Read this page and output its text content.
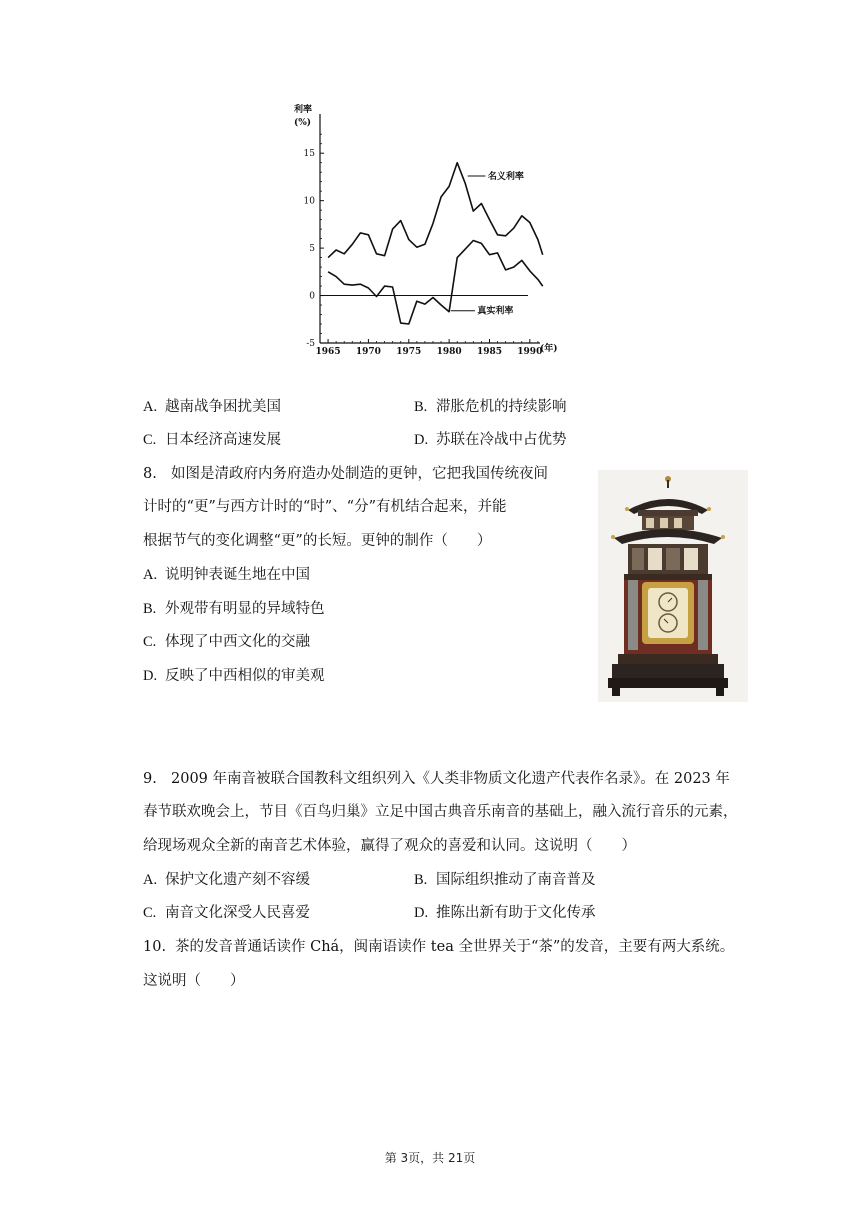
利率
(%)
-5
0
5
10
15
1965 1970 1975 1980 1985 1990
名义利率
真实利率
(年)
A. 越南战争困扰美国	B. 滞胀危机的持续影响
C. 日本经济高速发展	D. 苏联在冷战中占优势
8. 如图是清政府内务府造办处制造的更钟，它把我国传统夜间
计时的“更”与西方计时的“时”、“分”有机结合起来，并能
根据节气的变化调整“更”的长短。更钟的制作（　　）
A. 说明钟表诞生地在中国
B. 外观带有明显的异域特色
C. 体现了中西文化的交融
D. 反映了中西相似的审美观
9. 2009 年南音被联合国教科文组织列入《人类非物质文化遗产代表作名录》。在 2023 年
春节联欢晚会上，节目《百鸟归巢》立足中国古典音乐南音的基础上，融入流行音乐的元素，
给现场观众全新的南音艺术体验，赢得了观众的喜爱和认同。这说明（　　）
A. 保护文化遗产刻不容缓	B. 国际组织推动了南音普及
C. 南音文化深受人民喜爱	D. 推陈出新有助于文化传承
10. 茶的发音普通话读作 Chá，闽南语读作 tea 全世界关于“茶”的发音，主要有两大系统。
这说明（　　）
第 3页，共 21页
